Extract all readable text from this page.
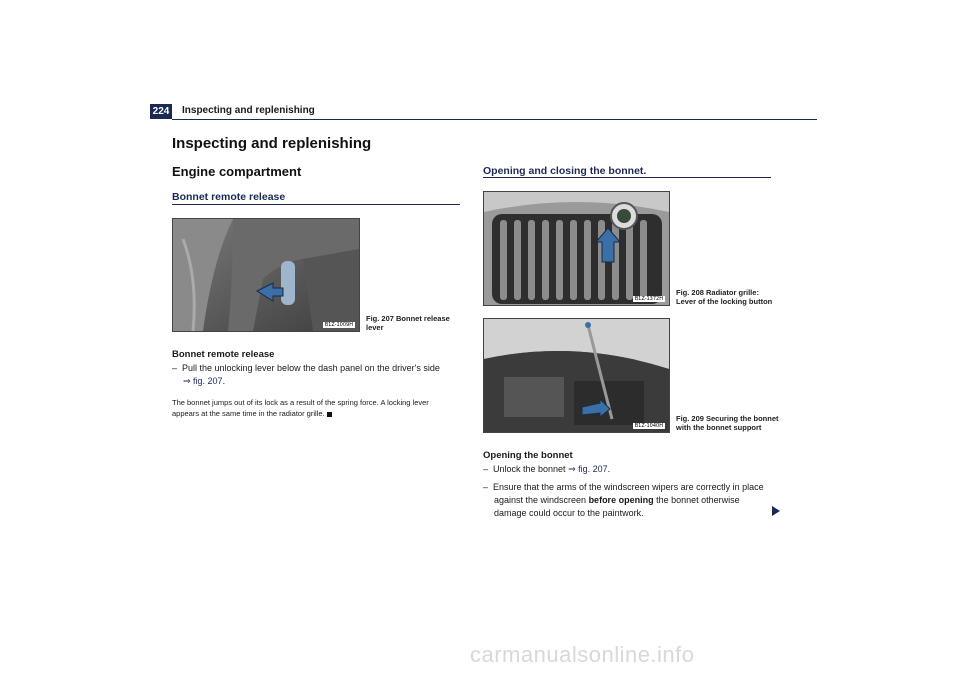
224 Inspecting and replenishing
Inspecting and replenishing
Engine compartment
Bonnet remote release
B1Z-1009H
Fig. 207 Bonnet release
lever
Bonnet remote release
– Pull the unlocking lever below the dash panel on the driver's side
⇒ fig. 207.
The bonnet jumps out of its lock as a result of the spring force. A locking lever
appears at the same time in the radiator grille.
Opening and closing the bonnet.
B1Z-1372H
Fig. 208 Radiator grille:
Lever of the locking button
B1Z-1040H
Fig. 209 Securing the bonnet
with the bonnet support
Opening the bonnet
– Unlock the bonnet ⇒ fig. 207.
– Ensure that the arms of the windscreen wipers are correctly in place
against the windscreen before opening the bonnet otherwise
damage could occur to the paintwork.
carmanualsonline.info
